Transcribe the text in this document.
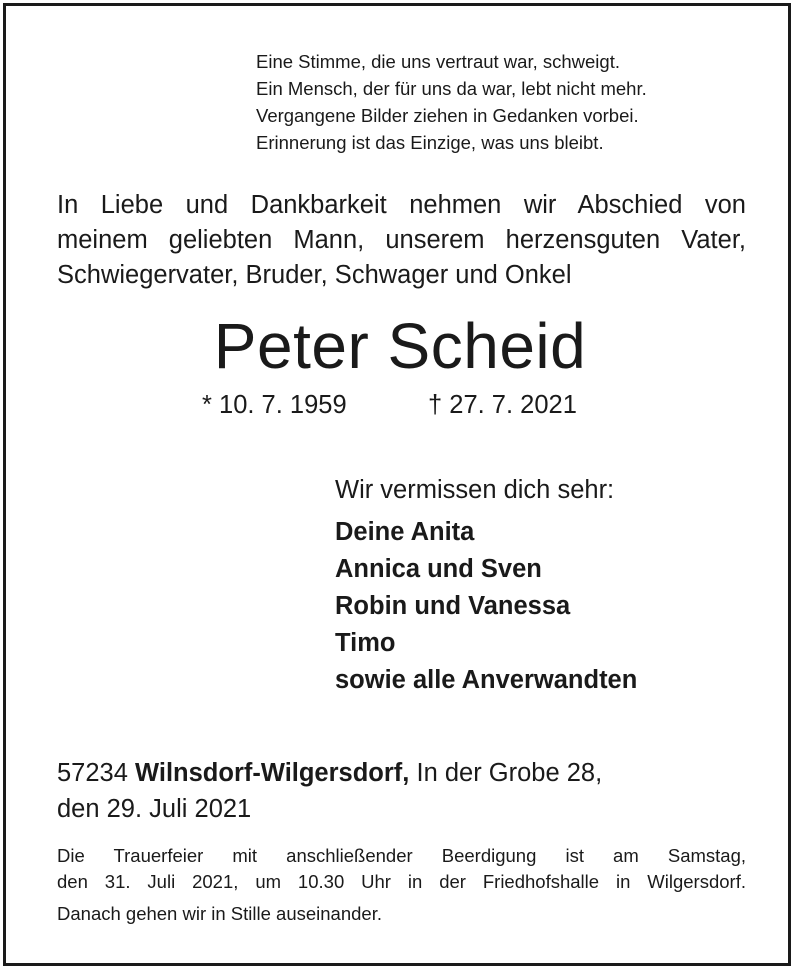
Eine Stimme, die uns vertraut war, schweigt.
Ein Mensch, der für uns da war, lebt nicht mehr.
Vergangene Bilder ziehen in Gedanken vorbei.
Erinnerung ist das Einzige, was uns bleibt.
In Liebe und Dankbarkeit nehmen wir Abschied von
meinem geliebten Mann, unserem herzensguten Vater,
Schwiegervater, Bruder, Schwager und Onkel
Peter Scheid
* 10. 7. 1959	† 27. 7. 2021
Wir vermissen dich sehr:
Deine Anita
Annica und Sven
Robin und Vanessa
Timo
sowie alle Anverwandten
57234 Wilnsdorf-Wilgersdorf, In der Grobe 28,
den 29. Juli 2021
Die Trauerfeier mit anschließender Beerdigung ist am Samstag,
den 31. Juli 2021, um 10.30 Uhr in der Friedhofshalle in Wilgersdorf.
Danach gehen wir in Stille auseinander.
